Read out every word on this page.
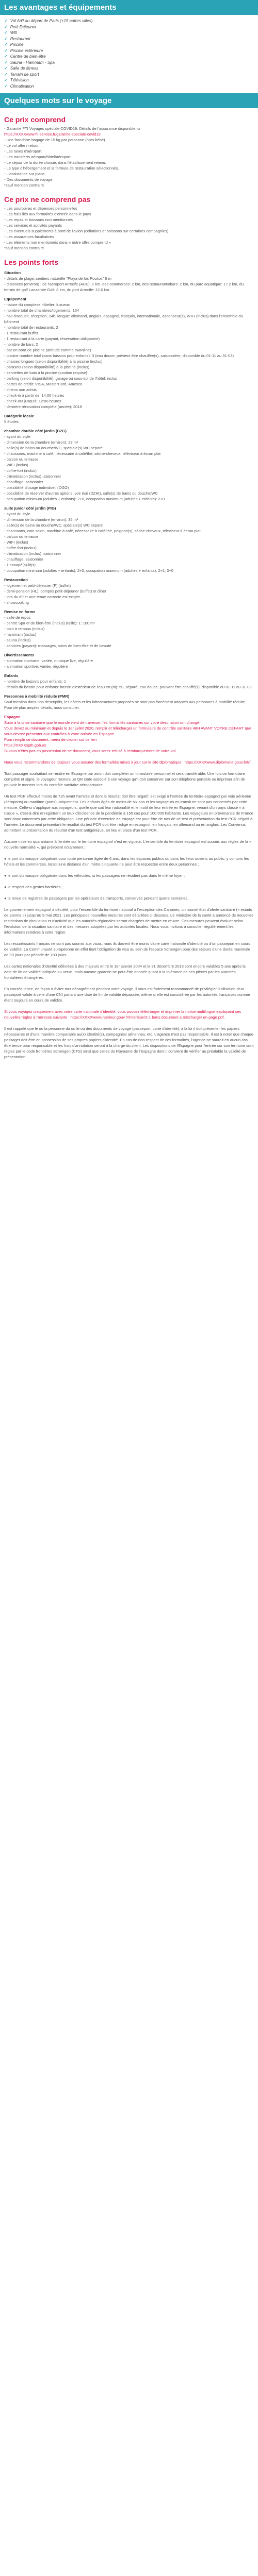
Les avantages et équipements
✓ Vol A/R au départ de Paris (+15 autres villes)
✓ Petit Déjeuner
✓ Wifi
✓ Restaurant
✓ Piscine
✓ Piscine extérieure
✓ Centre de bien-être
✓ Sauna - Hammam - Spa
✓ Salle de fitness
✓ Terrain de sport
✓ Télévision
✓ Climatisation
Quelques mots sur le voyage
Ce prix comprend

- Garantie FTI Voyages spéciale COVID19. Détails de l'assurance disponible ici

https://XXXXwww.fti-service.fr/garantie-speciale-covid19

- Une franchise bagage de 15 kg par personne (hors bébé)

- Le vol aller / retour

- Les taxes d'aéroport.

- Les transferts aéroport/hôtel/aéroport.

- Le séjour de la durée choisie, dans l'établissement retenu.

- Le type d'hébergement et la formule de restauration sélectionnés.

- L'assistance sur place.

- Des documents de voyage.

*sauf mention contraire

Ce prix ne comprend pas

- Les pourboires et dépenses personnelles

- Les frais liés aux formalités d'entrée dans le pays

- Les repas et boissons non mentionnés

- Les services et activités payants

- Les éventuels suppléments à bord de l'avion (collations et boissons sur certaines compagnies)

- Les assurances facultatives

- Les éléments non mentionnés dans « notre offre comprend »

*sauf mention contraire

Les points forts

Situation

- détails de plage: sentiers naturelle "Playa de los Pocitos" 5 m

- distances (environ) : de l'aéroport Arrecife (ACE): 7 km, des commerces: 2 km, des restaurants/bars: 2 km, du parc aquatique: 17.2 km, du terrain de golf Lanzarote Golf: 8 km, du port Arrecife: 12.6 km

Equipement

- nature du complexe hôtelier: luxueux

- nombre total de chambres/logements: 154

- hall d'accueil, réception, 24h, langue: allemand, anglais, espagnol, français, internationale, ascenseur(s), WIFI (inclus) dans l'ensemble du bâtiment

- nombre total de restaurants: 2

- 1 restaurant buffet

- 1 restaurant à la carte (payant, réservation obligatoire)

- nombre de bars: 2

- bar en bord de piscine (attitude comme swanline)

- piscine nombre total (sans bassins pour enfants): 3 (eau douce, prévient être chauffée(s), saisonnière, disponible du 01-11 au 31-03)

- chaises longues (selon disponibilité) à la piscine (inclus)

- parasols (selon disponibilité) à la piscine (inclus)

- serviettes de bain à la piscine (caution requise)

- parking (selon disponibilité), garage ou sous-sol de l'hôtel: inclus

- cartes de crédit: VISA, MasterCard, Amexco

- chiens non admis

- check-in à partir de: 14:00 heures

- check-out jusqu'à: 12:00 heures

- dernière rénovation complète (année): 2018

Catégorie locale

5 étoiles

chambre double côté jardin (DZG)

- ayant du style

- dimension de la chambre (environ): 29 m²

- salle(s) de bains ou douche/WC, spéciale(s) WC séparé

- chaussons, machine à café, nécessaire à café/thé, sèche-cheveux, téléviseur à écran plat

- balcon ou terrasse

- WIFI (inclus)

- coffre-fort (inclus)

- climatisation (inclus), saisonnier

- chauffage, saisonnier

- possibilité d'usage individuel: (DGO)

- possibilité de réserver d'autres options: voir ésé (DZHI), salle(s) de bains ou douche/WC

- occupation minimum (adultes + enfants): 2+0, occupation maximum (adultes + enfants): 2+0

suite junior côté jardin (PIG)

- ayant du style

- dimension de la chambre (environ): 35 m²

- salle(s) de bains ou douche/WC, spéciale(s) WC séparé

- chaussons, coin salon, machine à café, nécessaire à café/thé, peignoir(s), sèche-cheveux, téléviseur à écran plat

- balcon ou terrasse

- WIFI (inclus)

- coffre-fort (inclus)

- climatisation (inclus), saisonnier

- chauffage, saisonnier

- 1 canapé(s)-lit(s)

- occupation minimum (adultes + enfants): 2+0, occupation maximum (adultes + enfants): 2+1, 3+0

Restauration

- logement et petit-déjeuner (F) (buffet)

- demi-pension (HL): compris petit-déjeuner (buffet) et dîner

- lors du dîner une tenue correcte est exigée.

- showcooking

Remise en forme

- salle de repos

- centre Spa et de bien-être (inclus) (taille): 1: 100 m²

- bain à remous (inclus)

- hammam (inclus)

- sauna (inclus)

- services (payant): massages, soins de bien-être et de beauté

Divertissements

- animation nocturne: variée, musique live, régulière

- animation sportive: variée, régulière

Enfants

- nombre de bassins pour enfants: 1

- détails du bassin pour enfants: bassin d'extérieur de l'eau en (m): 50, séparé, eau douce, pouvant être chauffé(s), disponible du 01-11 au 31-03

Personnes à mobilité réduite (PMR)

Sauf mention dans nos descriptifs, les hôtels et les infrastructures proposés ne sont pas forcément adaptés aux personnes à mobilité réduite. Pour de plus amples détails, nous consulter.

Espagne

Suite à la crise sanitaire que le monde vient de traverser, les formalités sanitaires sur votre destination ont changé.

Vous devez au minimum et depuis le 1er juillet 2020, remplir et télécharger un formulaire de contrôle sanitaire 48H AVANT VOTRE DÉPART que vous devrez présenter aux contrôles à votre arrivée en Espagne.

Pour remplir ce document, merci de cliquer sur ce lien

https://XXXXspth.gob.es

Si vous n'êtes pas en possession de ce document, vous serez refusé à l'embarquement de votre vol.

Nous vous recommandons de toujours vous assurer des formalités mises à jour sur le site diplomatique : https://XXXXwww.diplomatie.gouv.fr/fr/

Tout passager souhaitant se rendre en Espagne par avion doit compléter un formulaire personnel et sera transférable. Une fois ce formulaire complété et signé, le voyageur recevra un QR code associé à son voyage qu'il doit conserver sur son téléphone portable ou imprimer afin de pouvoir le montrer lors du contrôle sanitaire aéroportuaire.

Un test PCR effectué moins de 72h avant l'arrivée et dont le résultat doit être négatif, est exigé à l'entrée du territoire espagnol par voie aérienne (aéroports) ou maritime (ports) uniquement. Les enfants âgés de moins de six ans et les voyageurs en transit ne sont pas concernés par cette mesure. Celle-ci s'applique aux voyageurs, quelle que soit leur nationalité et le motif de leur entrée en Espagne, venant d'un pays classé « à risque », c'est-à-dire enregistrant un taux d'incidence de la pandémie à 150 cas pour 100 000 habitants. Les voyageurs en provenance de France sont donc concernés par cette obligation. Une période d'exercice de traçage est pour être de nos de ce test et présentation du test PCR négatif à l'arrivée. Le document présentant le résultat du test PCR doit être rédigé en espagnol, en français, en allemand ou en anglais. Les Convenus admettent la présentation du résultat d'un test antigénique, en lieu et place d'un test PCR.

Aucune mise en quarantaine à l'entrée sur le territoire espagnol n'est en vigueur. L'ensemble du territoire espagnol est soumis aux règles de la « nouvelle normalité », qui prévoient notamment :

● le port du masque obligatoire pour toute personne âgée de 6 ans, dans les espaces publics ou dans les lieux ouverts au public, y compris les hôtels et les commerces, lorsqu'une distance d'un mètre cinquante ne peut être respectée entre deux personnes ;

● le port du masque obligatoire dans les véhicules, si les passagers ne résident pas dans le même foyer ;

● le respect des gestes barrières ;

● la tenue de registres de passagers par les opérateurs de transports, conservés pendant quatre semaines.

Le gouvernement espagnol a décrété, pour l'ensemble du territoire national à l'exception des Canaries, un nouvel état d'alerte sanitaire (« estado de alarma ») jusqu'au 9 mai 2021. Les principales nouvelles mesures sont détaillées ci-dessous. Le ministère de la santé a annoncé de nouvelles restrictions de circulation et d'activité que les autorités régionales seront chargées de mettre en œuvre. Ces mesures peuvent évoluer selon l'évolution de la situation sanitaire et des mesures adoptées par les autorités locales. Nous vous invitons à consulter régulièrement les informations relatives à cette région.

Les ressortissants français ne sont pas soumis aux visas, mais ils doivent être munis d'une carte nationale d'identité ou d'un passeport en cours de validité. La Communauté européenne en effet tient l'obligation de visa au sein de l'espace Schengen pour des séjours d'une durée maximale de 90 jours par période de 180 jours.

Les cartes nationales d'identité délivrées à des majeurs entre le 1er janvier 2004 et le 31 décembre 2013 sont encore valables 5 ans après la date de fin de validité indiquée au verso, mais aucune garantie ne peut être donnée quant à la tolérance de ces pièces par les autorités frontalières étrangères.

En conséquence, de façon à éviter tout désagrément pendant votre voyage, il vous est fortement recommandé de privilégier l'utilisation d'un passeport valide à celle d'une CNI portant une date de fin de validité dépassée, même si elle est considérée par les autorités françaises comme étant toujours en cours de validité.

Si vous voyagez uniquement avec votre carte nationale d'identité, vous pouvez télécharger et imprimer la notice multilingue expliquant ses nouvelles règles à l'adresse suivante : https://XXXXwww.interieur.gouv.fr/Interieur/st-1 bans document a télécharger en page pdf.

Il est rappelé que le ou la personne du ou le ou des documents de voyage (passeport, carte d'identité), à la loi il doit présenter les papiers nécessaires et d'une manière comparable au(x) identité(s), compagnies aériennes, etc. L'agence n'est pas responsable. Il est à noter que chaque passager doit être en possession de ses propres papiers d'identité. En cas de non-respect de ces formalités, l'agence ne saurait en aucun cas être tenue pour responsable et les frais d'annulation seront à la charge du client. Les dispositions de l'Espagne pour l'entrée sur son territoire sont régies par le code frontières Schengen (CFS) ainsi que celles du Royaume de l'Espagne dont il convient de vérifier au préalable la validité de présentation.
